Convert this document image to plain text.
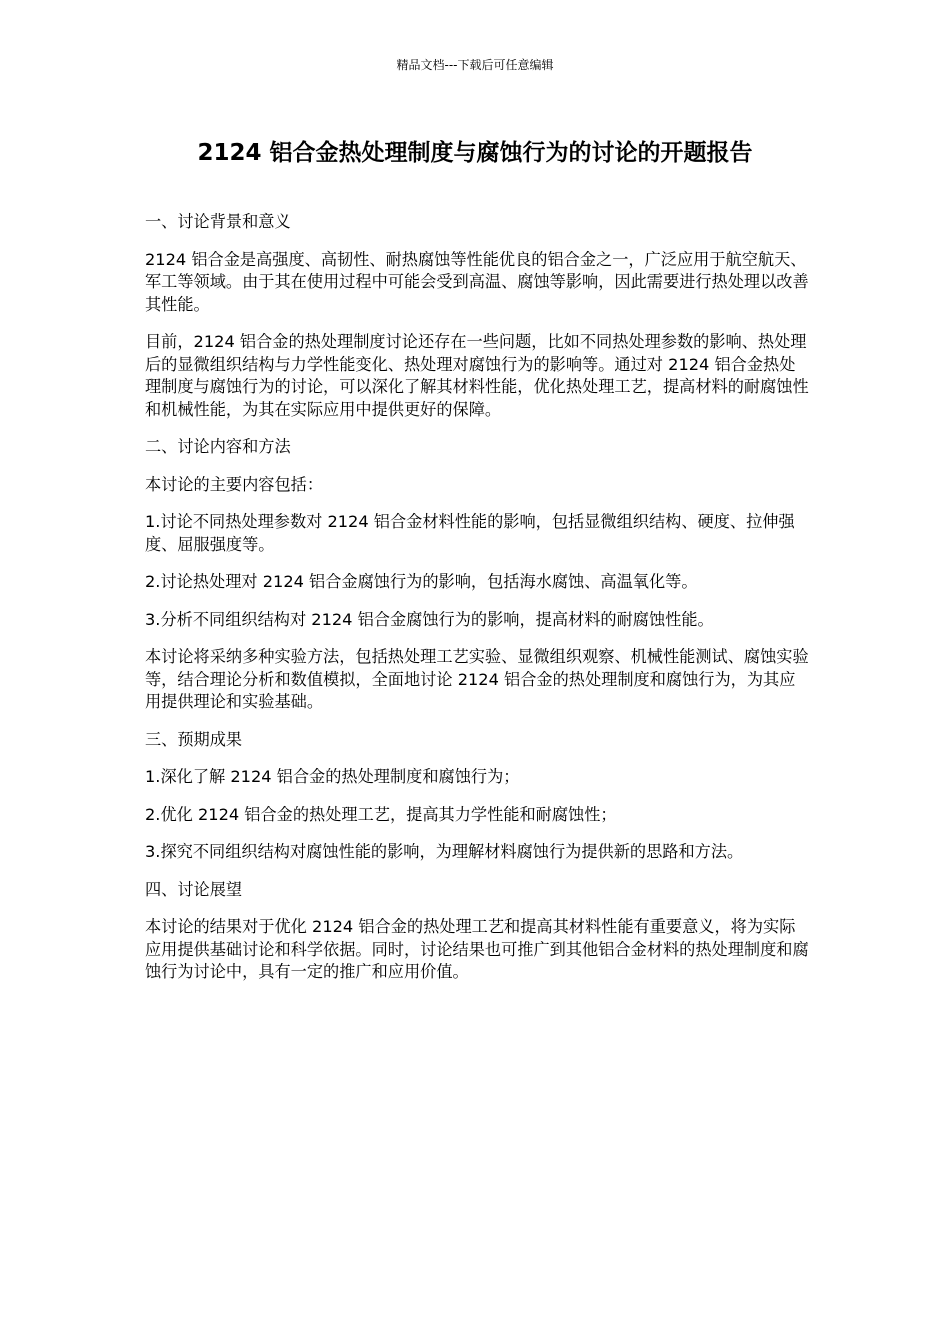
精品文档---下载后可任意编辑
2124 铝合金热处理制度与腐蚀行为的讨论的开题报告

一、讨论背景和意义

2124 铝合金是高强度、高韧性、耐热腐蚀等性能优良的铝合金之一，广泛应用于航空航天、军工等领域。由于其在使用过程中可能会受到高温、腐蚀等影响，因此需要进行热处理以改善其性能。

目前，2124 铝合金的热处理制度讨论还存在一些问题，比如不同热处理参数的影响、热处理后的显微组织结构与力学性能变化、热处理对腐蚀行为的影响等。通过对 2124 铝合金热处理制度与腐蚀行为的讨论，可以深化了解其材料性能，优化热处理工艺，提高材料的耐腐蚀性和机械性能，为其在实际应用中提供更好的保障。

二、讨论内容和方法

本讨论的主要内容包括：

1.讨论不同热处理参数对 2124 铝合金材料性能的影响，包括显微组织结构、硬度、拉伸强度、屈服强度等。

2.讨论热处理对 2124 铝合金腐蚀行为的影响，包括海水腐蚀、高温氧化等。

3.分析不同组织结构对 2124 铝合金腐蚀行为的影响，提高材料的耐腐蚀性能。

本讨论将采纳多种实验方法，包括热处理工艺实验、显微组织观察、机械性能测试、腐蚀实验等，结合理论分析和数值模拟，全面地讨论 2124 铝合金的热处理制度和腐蚀行为，为其应用提供理论和实验基础。

三、预期成果

1.深化了解 2124 铝合金的热处理制度和腐蚀行为；

2.优化 2124 铝合金的热处理工艺，提高其力学性能和耐腐蚀性；

3.探究不同组织结构对腐蚀性能的影响，为理解材料腐蚀行为提供新的思路和方法。

四、讨论展望

本讨论的结果对于优化 2124 铝合金的热处理工艺和提高其材料性能有重要意义，将为实际应用提供基础讨论和科学依据。同时，讨论结果也可推广到其他铝合金材料的热处理制度和腐蚀行为讨论中，具有一定的推广和应用价值。
